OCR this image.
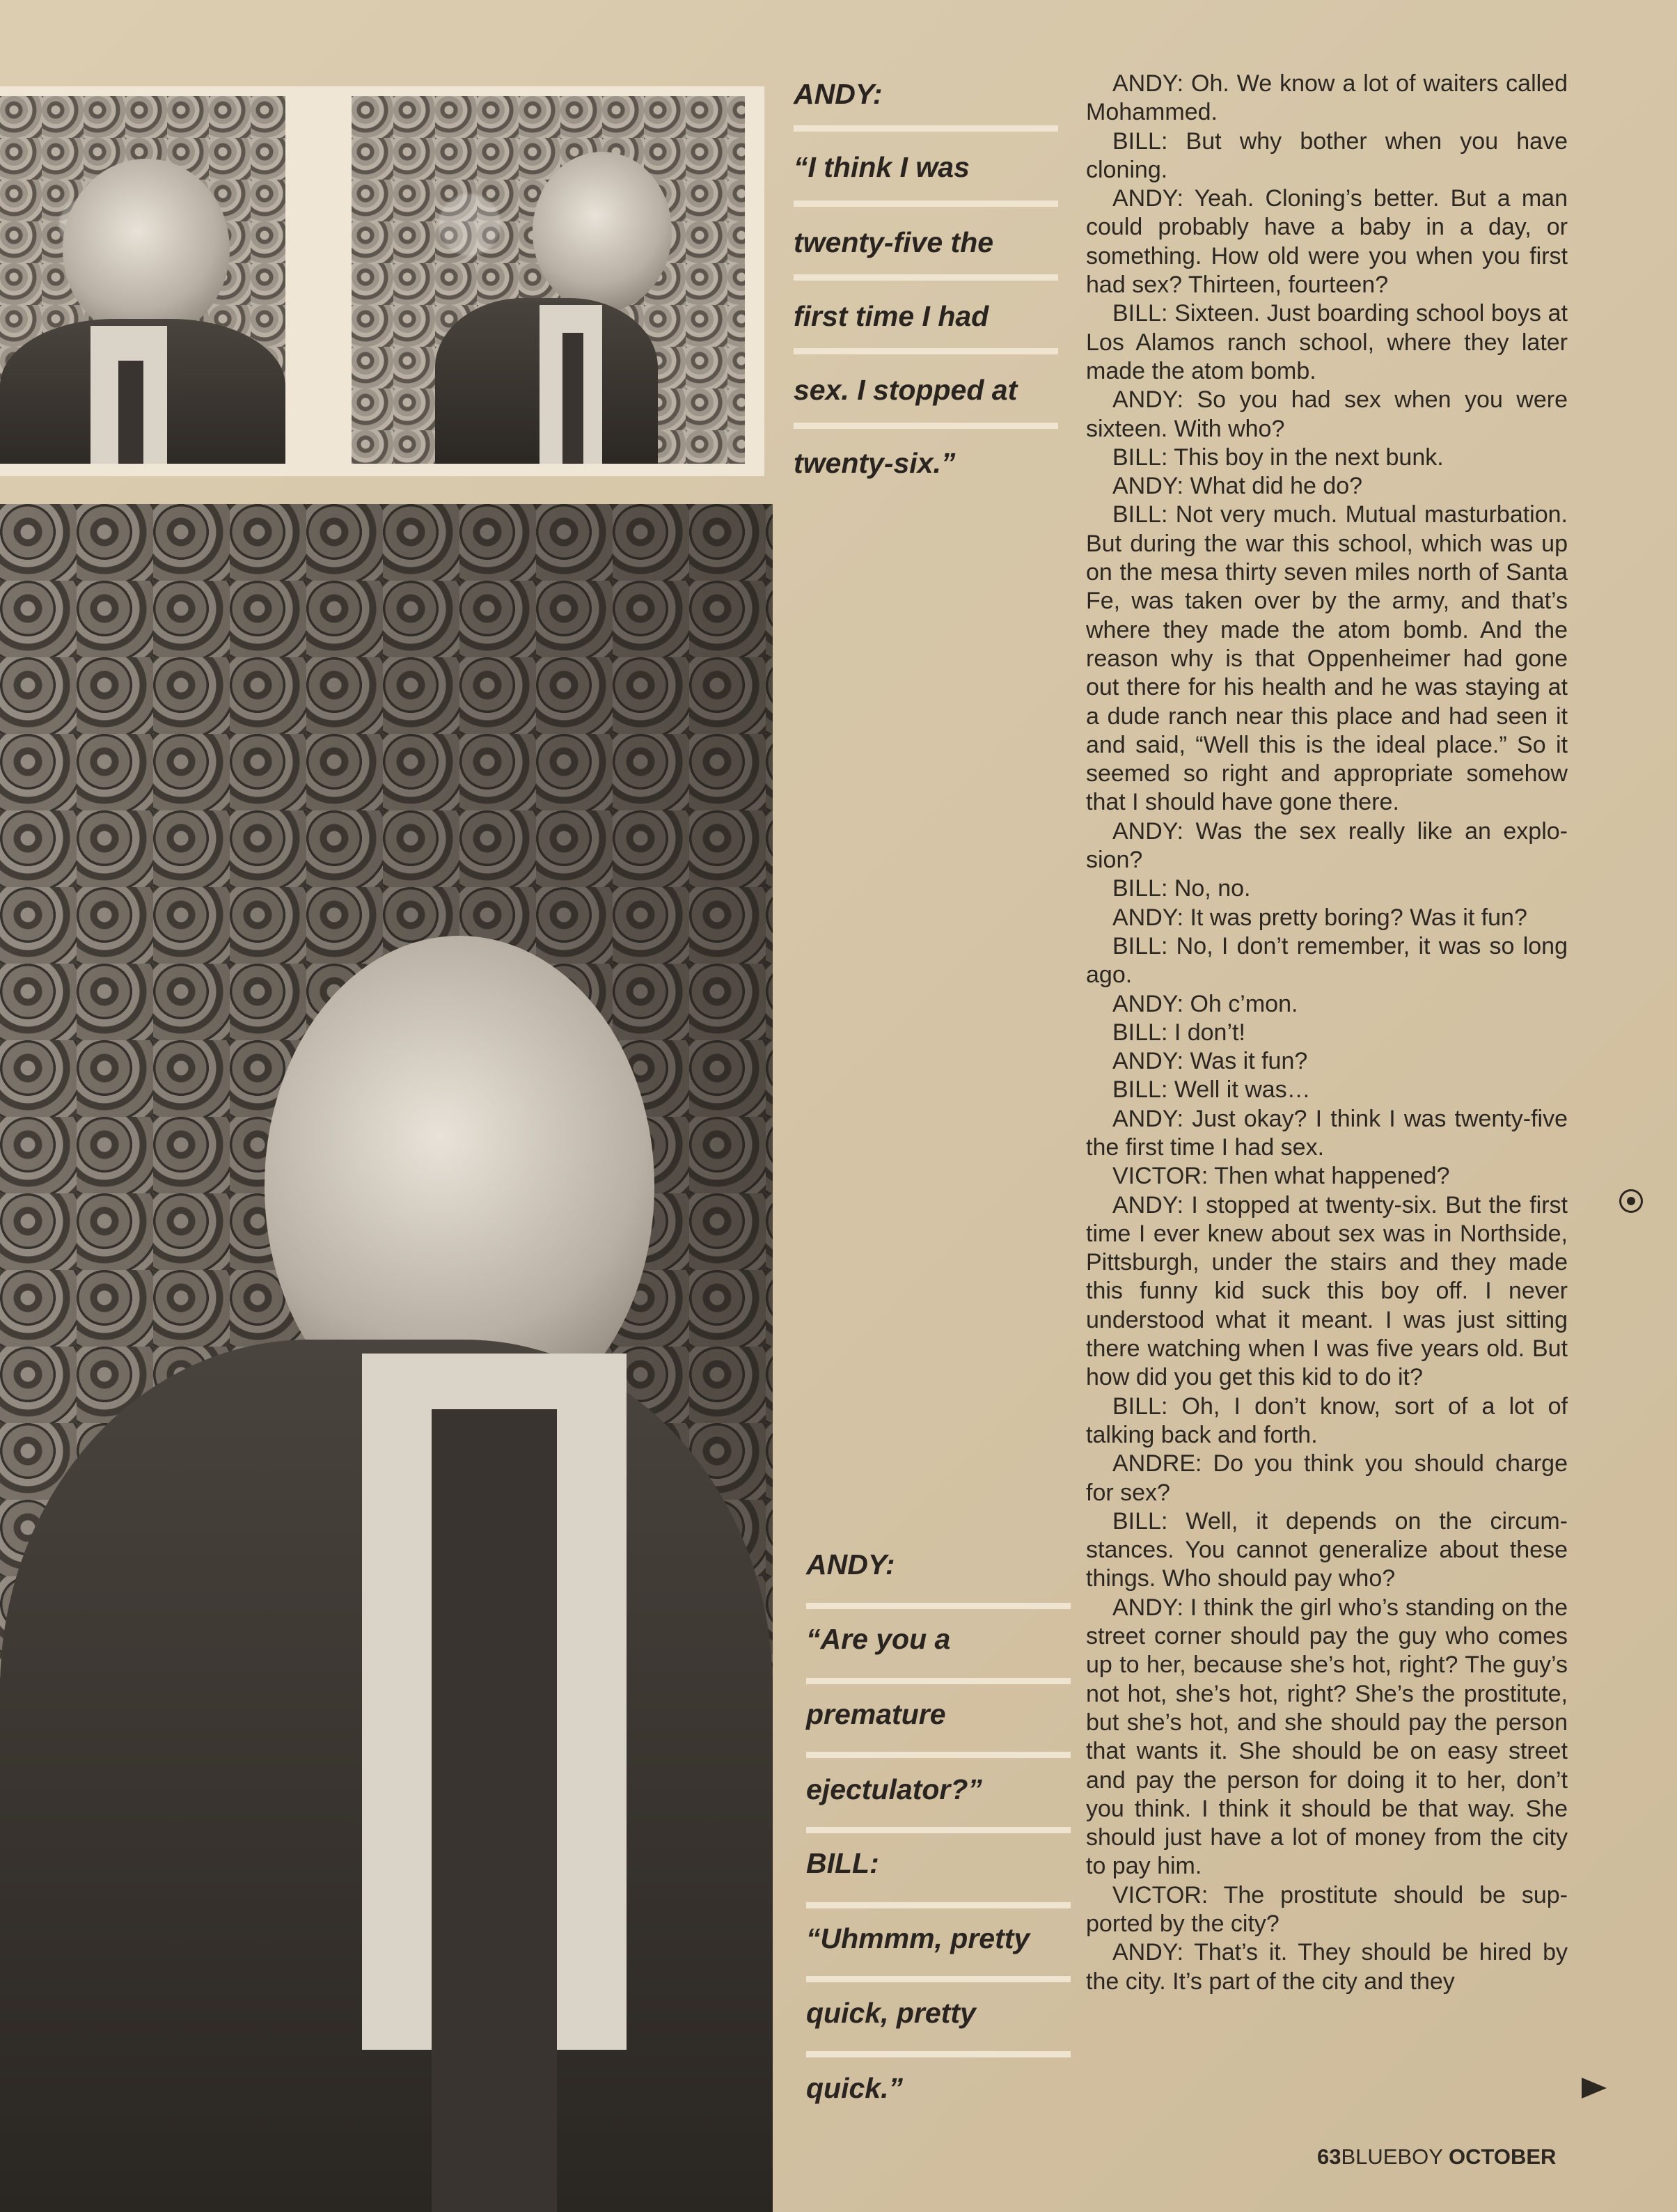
ANDY:
“I think I was
twenty-five the
first time I had
sex. I stopped at
twenty-six.”
ANDY:
“Are you a
premature
ejectulator?”
BILL:
“Uhmmm, pretty
quick, pretty
quick.”

ANDY: Oh. We know a lot of waiters called Mohammed.

BILL: But why bother when you have cloning.

ANDY: Yeah. Cloning’s better. But a man could probably have a baby in a day, or something. How old were you when you first had sex? Thirteen, fourteen?

BILL: Sixteen. Just boarding school boys at Los Alamos ranch school, where they later made the atom bomb.

ANDY: So you had sex when you were sixteen. With who?

BILL: This boy in the next bunk.

ANDY: What did he do?

BILL: Not very much. Mutual masturbation. But during the war this school, which was up on the mesa thirty seven miles north of Santa Fe, was taken over by the army, and that’s where they made the atom bomb. And the reason why is that Oppenheimer had gone out there for his health and he was staying at a dude ranch near this place and had seen it and said, “Well this is the ideal place.” So it seemed so right and appropriate somehow that I should have gone there.

ANDY: Was the sex really like an explosion?

BILL: No, no.

ANDY: It was pretty boring? Was it fun?

BILL: No, I don’t remember, it was so long ago.

ANDY: Oh c’mon.

BILL: I don’t!

ANDY: Was it fun?

BILL: Well it was…

ANDY: Just okay? I think I was twenty-five the first time I had sex.

VICTOR: Then what happened?

ANDY: I stopped at twenty-six. But the first time I ever knew about sex was in Northside, Pittsburgh, under the stairs and they made this funny kid suck this boy off. I never understood what it meant. I was just sitting there watching when I was five years old. But how did you get this kid to do it?

BILL: Oh, I don’t know, sort of a lot of talking back and forth.

ANDRE: Do you think you should charge for sex?

BILL: Well, it depends on the circumstances. You cannot generalize about these things. Who should pay who?

ANDY: I think the girl who’s standing on the street corner should pay the guy who comes up to her, because she’s hot, right? The guy’s not hot, she’s hot, right? She’s the prostitute, but she’s hot, and she should pay the person that wants it. She should be on easy street and pay the person for doing it to her, don’t you think. I think it should be that way. She should just have a lot of money from the city to pay him.

VICTOR: The prostitute should be supported by the city?

ANDY: That’s it. They should be hired by the city. It’s part of the city and they

63BLUEBOY OCTOBER
